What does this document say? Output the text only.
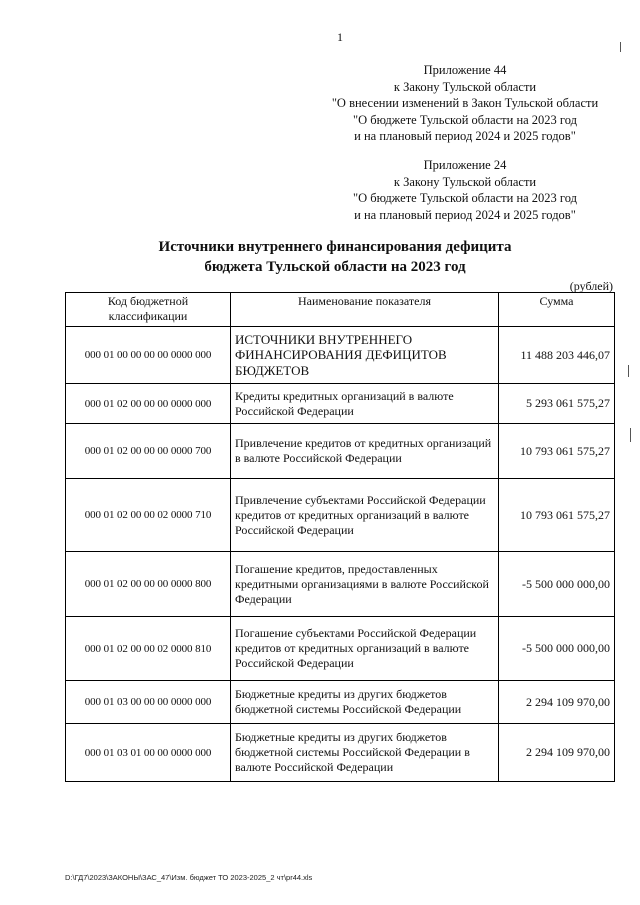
1
Приложение 44
к Закону Тульской области
"О внесении изменений в Закон Тульской области
"О бюджете Тульской области на 2023 год
и на плановый период 2024 и 2025 годов"
Приложение 24
к Закону Тульской области
"О бюджете Тульской области на 2023 год
и на плановый период 2024 и 2025 годов"
Источники внутреннего финансирования дефицита
бюджета Тульской области на 2023 год
(рублей)
Код бюджетной классификации	Наименование показателя	Сумма
000 01 00 00 00 00 0000 000	ИСТОЧНИКИ ВНУТРЕННЕГО ФИНАНСИРОВАНИЯ ДЕФИЦИТОВ БЮДЖЕТОВ	11 488 203 446,07
000 01 02 00 00 00 0000 000	Кредиты кредитных организаций в валюте Российской Федерации	5 293 061 575,27
000 01 02 00 00 00 0000 700	Привлечение кредитов от кредитных организаций в валюте Российской Федерации	10 793 061 575,27
000 01 02 00 00 02 0000 710	Привлечение субъектами Российской Федерации кредитов от кредитных организаций в валюте Российской Федерации	10 793 061 575,27
000 01 02 00 00 00 0000 800	Погашение кредитов, предоставленных кредитными организациями в валюте Российской Федерации	-5 500 000 000,00
000 01 02 00 00 02 0000 810	Погашение субъектами Российской Федерации кредитов от кредитных организаций в валюте Российской Федерации	-5 500 000 000,00
000 01 03 00 00 00 0000 000	Бюджетные кредиты из других бюджетов бюджетной системы Российской Федерации	2 294 109 970,00
000 01 03 01 00 00 0000 000	Бюджетные кредиты из других бюджетов бюджетной системы Российской Федерации в валюте Российской Федерации	2 294 109 970,00
D:\ГД7\2023\ЗАКОНЫ\ЗАС_47\Изм. бюджет ТО 2023-2025_2 чт\pr44.xls
